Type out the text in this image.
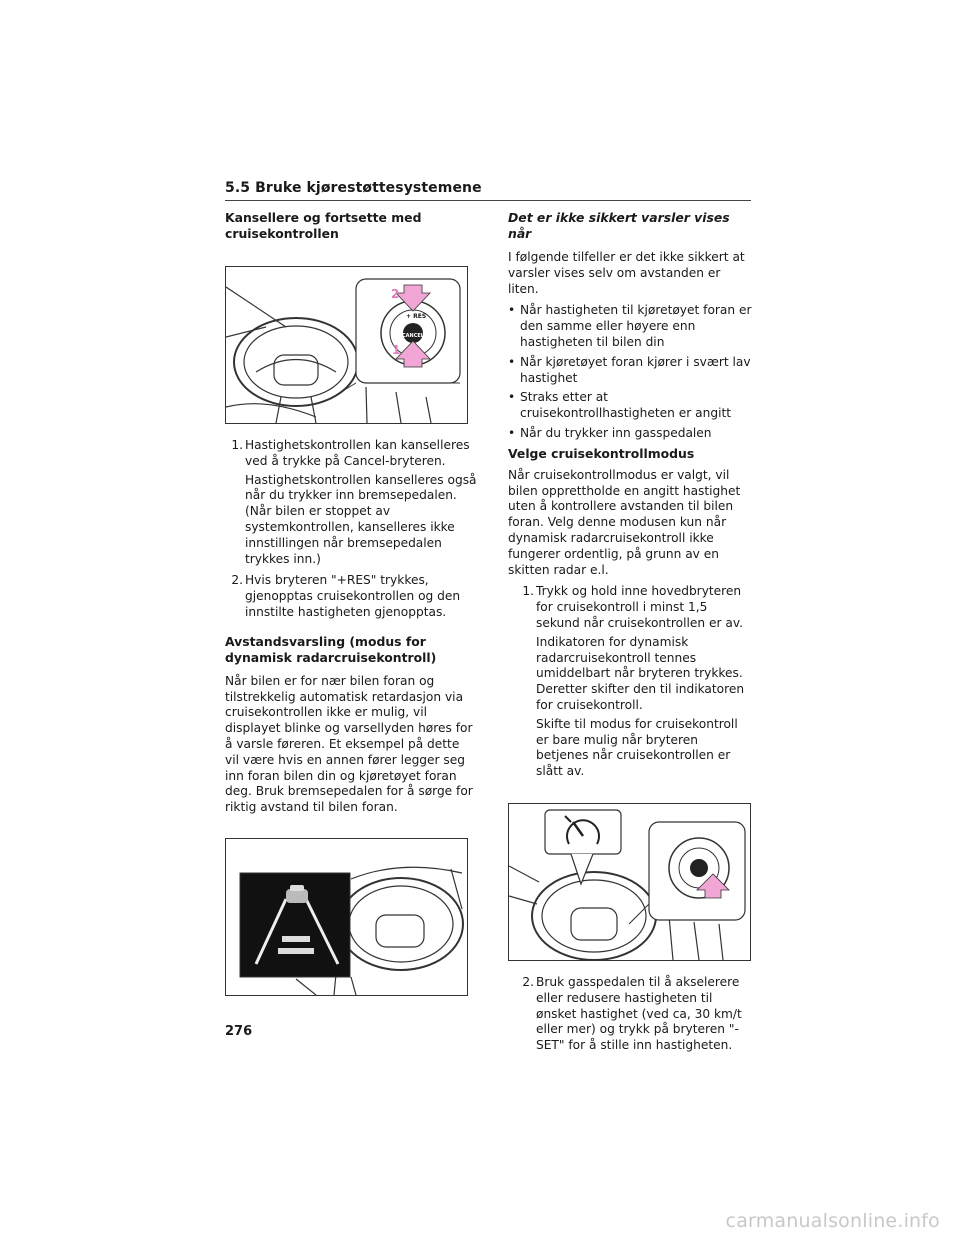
5.5 Bruke kjørestøttesystemene
Kansellere og fortsette med cruisekontrollen
+ RES
CANCEL
2
1
1. Hastighetskontrollen kan kanselleres ved å trykke på Cancel-bryteren.

Hastighetskontrollen kanselleres også når du trykker inn bremsepedalen. (Når bilen er stoppet av systemkontrollen, kanselleres ikke innstillingen når bremsepedalen trykkes inn.)

2. Hvis bryteren "+RES" trykkes, gjenopptas cruisekontrollen og den innstilte hastigheten gjenopptas.

Avstandsvarsling (modus for dynamisk radarcruisekontroll)

Når bilen er for nær bilen foran og tilstrekkelig automatisk retardasjon via cruisekontrollen ikke er mulig, vil displayet blinke og varsellyden høres for å varsle føreren. Et eksempel på dette vil være hvis en annen fører legger seg inn foran bilen din og kjøretøyet foran deg. Bruk bremsepedalen for å sørge for riktig avstand til bilen foran.

Det er ikke sikkert varsler vises når

I følgende tilfeller er det ikke sikkert at varsler vises selv om avstanden er liten.

• Når hastigheten til kjøretøyet foran er den samme eller høyere enn hastigheten til bilen din
• Når kjøretøyet foran kjører i svært lav hastighet
• Straks etter at cruisekontrollhastigheten er angitt
• Når du trykker inn gasspedalen
Velge cruisekontrollmodus

Når cruisekontrollmodus er valgt, vil bilen opprettholde en angitt hastighet uten å kontrollere avstanden til bilen foran. Velg denne modusen kun når dynamisk radarcruisekontroll ikke fungerer ordentlig, på grunn av en skitten radar e.l.

1. Trykk og hold inne hovedbryteren for cruisekontroll i minst 1,5 sekund når cruisekontrollen er av.

Indikatoren for dynamisk radarcruisekontroll tennes umiddelbart når bryteren trykkes. Deretter skifter den til indikatoren for cruisekontroll.

Skifte til modus for cruisekontroll er bare mulig når bryteren betjenes når cruisekontrollen er slått av.

2. Bruk gasspedalen til å akselerere eller redusere hastigheten til ønsket hastighet (ved ca, 30 km/t eller mer) og trykk på bryteren "-SET" for å stille inn hastigheten.

276
carmanualsonline.info
